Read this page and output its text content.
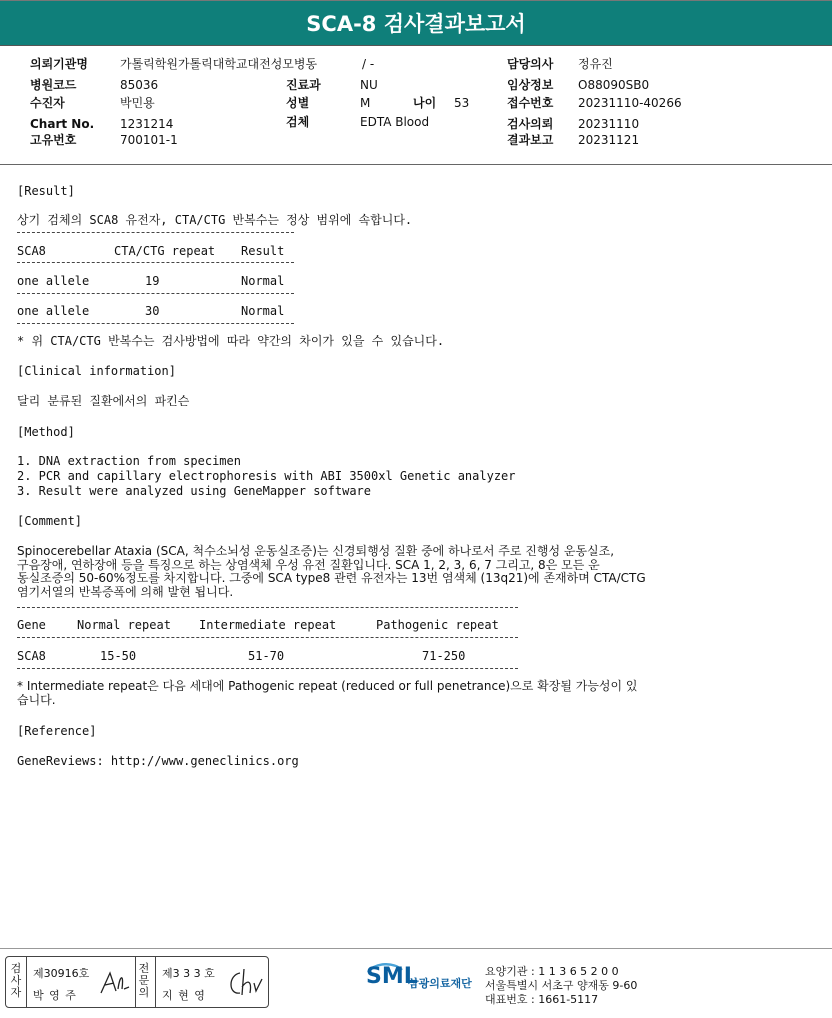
SCA-8 검사결과보고서
의뢰기관명	가톨릭학원가톨릭대학교대전성모병동	/ -
병원코드	85036
수진자	박민용
Chart No. 1231214
고유번호	700101-1
진료과	NU
성별	M	나이 53
검체	EDTA Blood
담당의사 정유진
임상정보 O88090SB0
접수번호 20231110-40266
검사의뢰 20231110
결과보고 20231121
[Result]
상기 검체의 SCA8 유전자, CTA/CTG 반복수는 정상 범위에 속합니다.
SCA8	CTA/CTG repeat Result
one allele	19	Normal
one allele	30	Normal
* 위 CTA/CTG 반복수는 검사방법에 따라 약간의 차이가 있을 수 있습니다.
[Clinical information]
달리 분류된 질환에서의 파킨슨
[Method]
1. DNA extraction from specimen
2. PCR and capillary electrophoresis with ABI 3500xl Genetic analyzer
3. Result were analyzed using GeneMapper software
[Comment]
Spinocerebellar Ataxia (SCA, 척수소뇌성 운동실조증)는 신경퇴행성 질환 중에 하나로서 주로 진행성 운동실조,
구음장애, 연하장애 등을 특징으로 하는 상염색체 우성 유전 질환입니다. SCA 1, 2, 3, 6, 7 그리고, 8은 모든 운
동실조증의 50-60%정도를 차지합니다. 그중에 SCA type8 관련 유전자는 13번 염색체 (13q21)에 존재하며 CTA/CTG
염기서열의 반복증폭에 의해 발현 됩니다.
Gene	Normal repeat Intermediate repeat	Pathogenic repeat
SCA8	15-50	51-70	71-250
* Intermediate repeat은 다음 세대에 Pathogenic repeat (reduced or full penetrance)으로 확장될 가능성이 있
습니다.
[Reference]
GeneReviews: http://www.geneclinics.org
검
사
자
제30916호
박 영 주
전
문
의
제3 3 3 호
지 현 영
SML
삼광의료재단
요양기관 : 1 1 3 6 5 2 0 0
서울특별시 서초구 양재동 9-60
대표번호 : 1661-5117
